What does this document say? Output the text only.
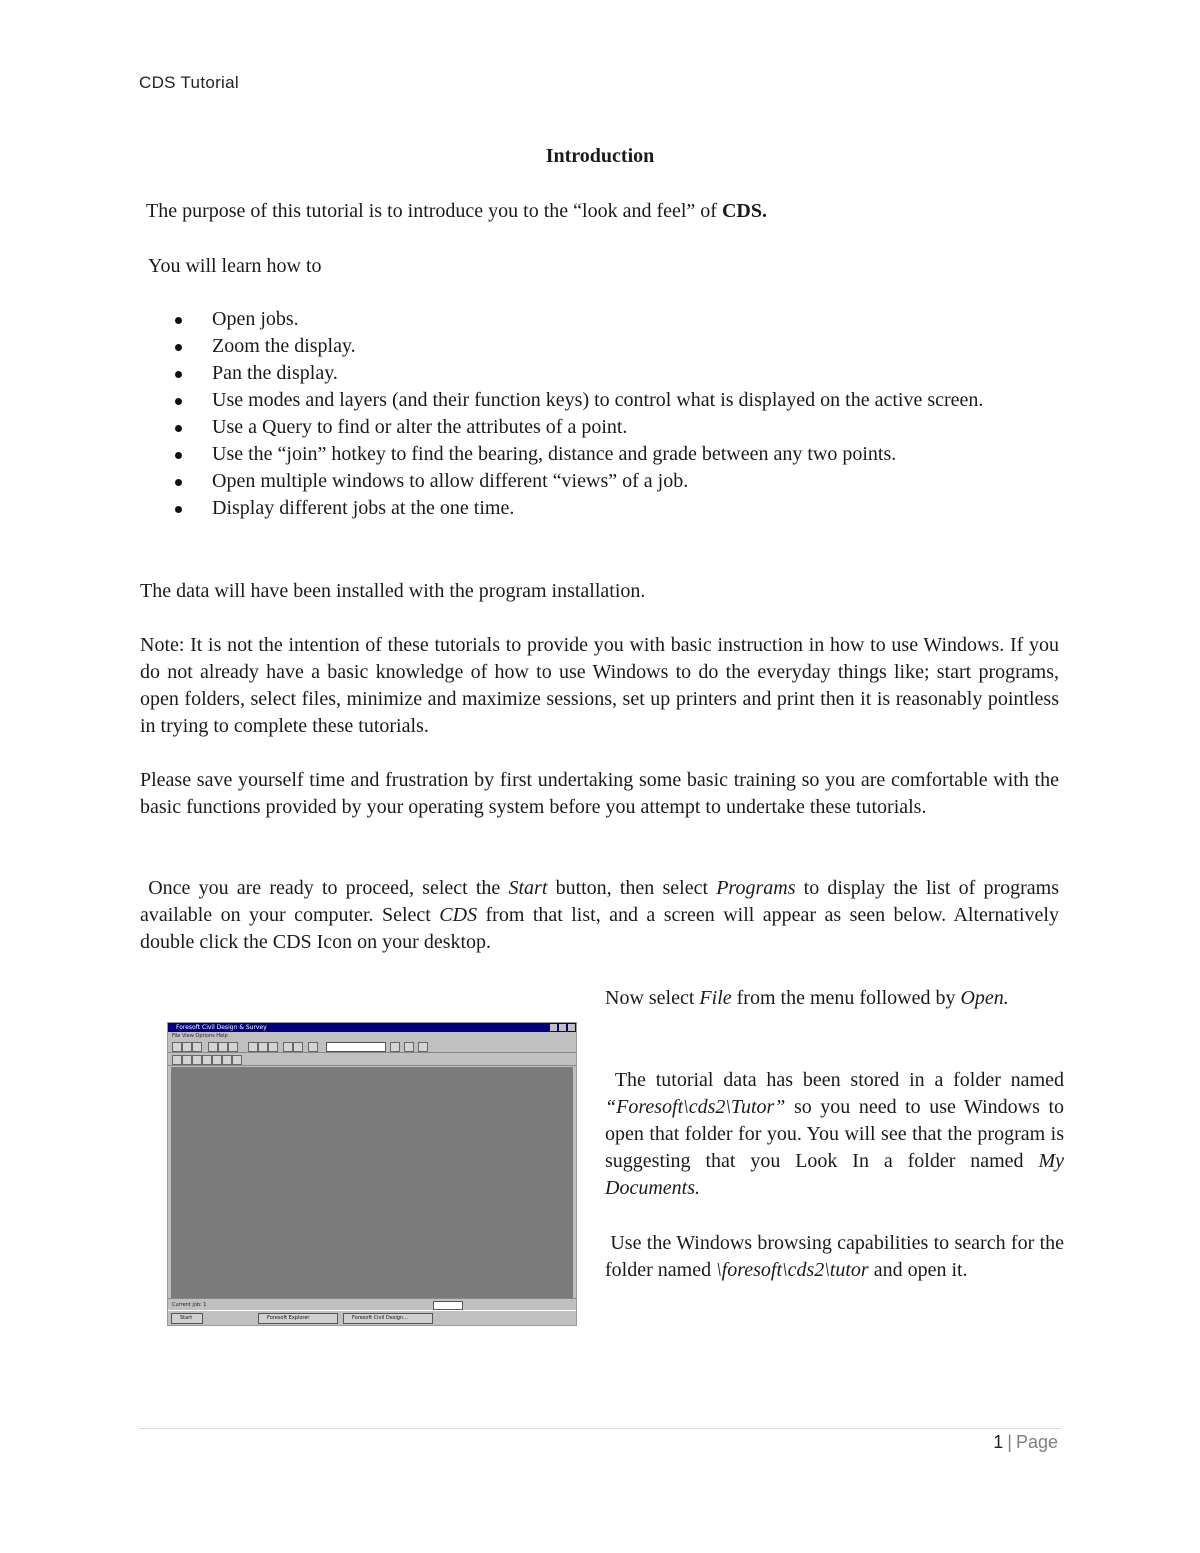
CDS Tutorial
Introduction
The purpose of this tutorial is to introduce you to the “look and feel” of CDS.
You will learn how to
Open jobs.
Zoom the display.
Pan the display.
Use modes and layers (and their function keys) to control what is displayed on the active screen.
Use a Query to find or alter the attributes of a point.
Use the “join” hotkey to find the bearing, distance and grade between any two points.
Open multiple windows to allow different “views” of a job.
Display different jobs at the one time.
The data will have been installed with the program installation.
Note: It is not the intention of these tutorials to provide you with basic instruction in how to use Windows. If you do not already have a basic knowledge of how to use Windows to do the everyday things like; start programs, open folders, select files, minimize and maximize sessions, set up printers and print then it is reasonably pointless in trying to complete these tutorials.
Please save yourself time and frustration by first undertaking some basic training so you are comfortable with the basic functions provided by your operating system before you attempt to undertake these tutorials.
Once you are ready to proceed, select the Start button, then select Programs to display the list of programs available on your computer. Select CDS from that list, and a screen will appear as seen below. Alternatively double click the CDS Icon on your desktop.
Foresoft Civil Design & Survey
File View Options Help
Current job: 1
Start	Foresoft Explorer	Foresoft Civil Design...
Now select File from the menu followed by Open.
The tutorial data has been stored in a folder named “Foresoft\cds2\Tutor” so you need to use Windows to open that folder for you. You will see that the program is suggesting that you Look In a folder named My Documents.
Use the Windows browsing capabilities to search for the folder named \foresoft\cds2\tutor and open it.
1 | Page
